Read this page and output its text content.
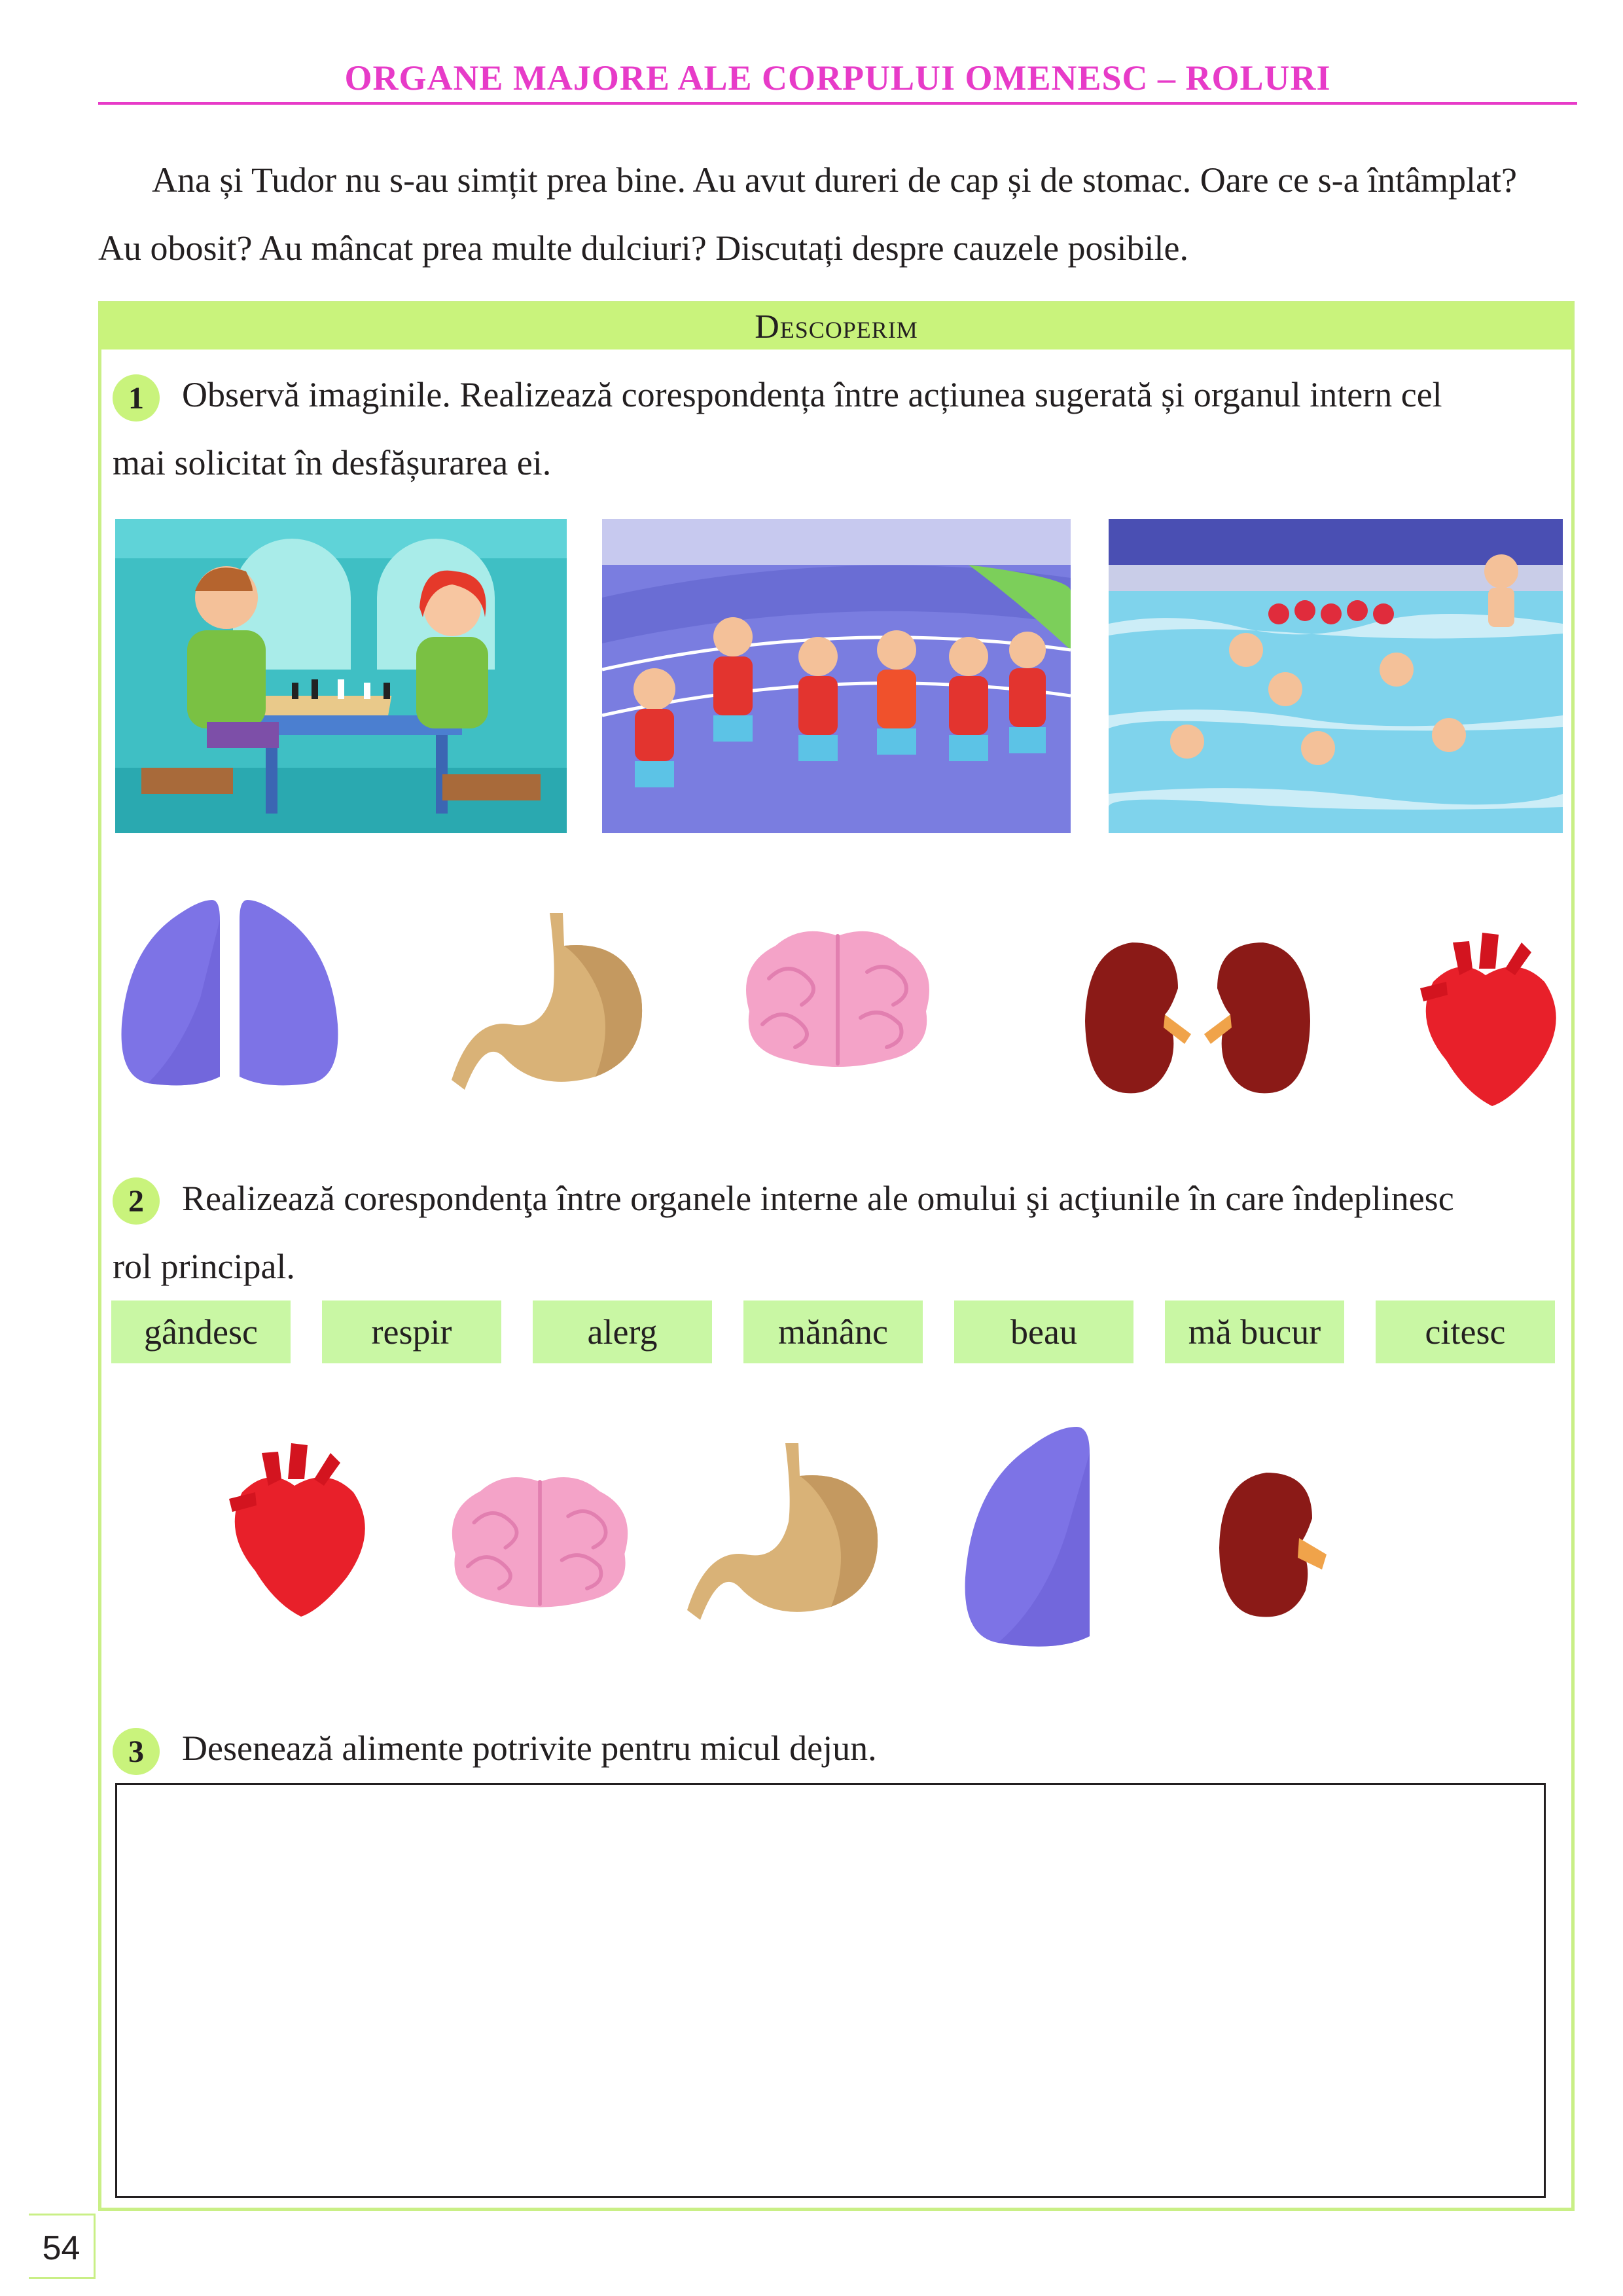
ORGANE MAJORE ALE CORPULUI OMENESC – ROLURI
Ana și Tudor nu s-au simțit prea bine. Au avut dureri de cap și de stomac. Oare ce s-a întâmplat?
Au obosit? Au mâncat prea multe dulciuri? Discutați despre cauzele posibile.
Descoperim
1	Observă imaginile. Realizează corespondența între acțiunea sugerată și organul intern cel
mai solicitat în desfășurarea ei.
2	Realizează corespondenţa între organele interne ale omului şi acţiunile în care îndeplinesc
rol principal.
gândesc	respir	alerg	mănânc	beau	mă bucur	citesc
3	Desenează alimente potrivite pentru micul dejun.
54
